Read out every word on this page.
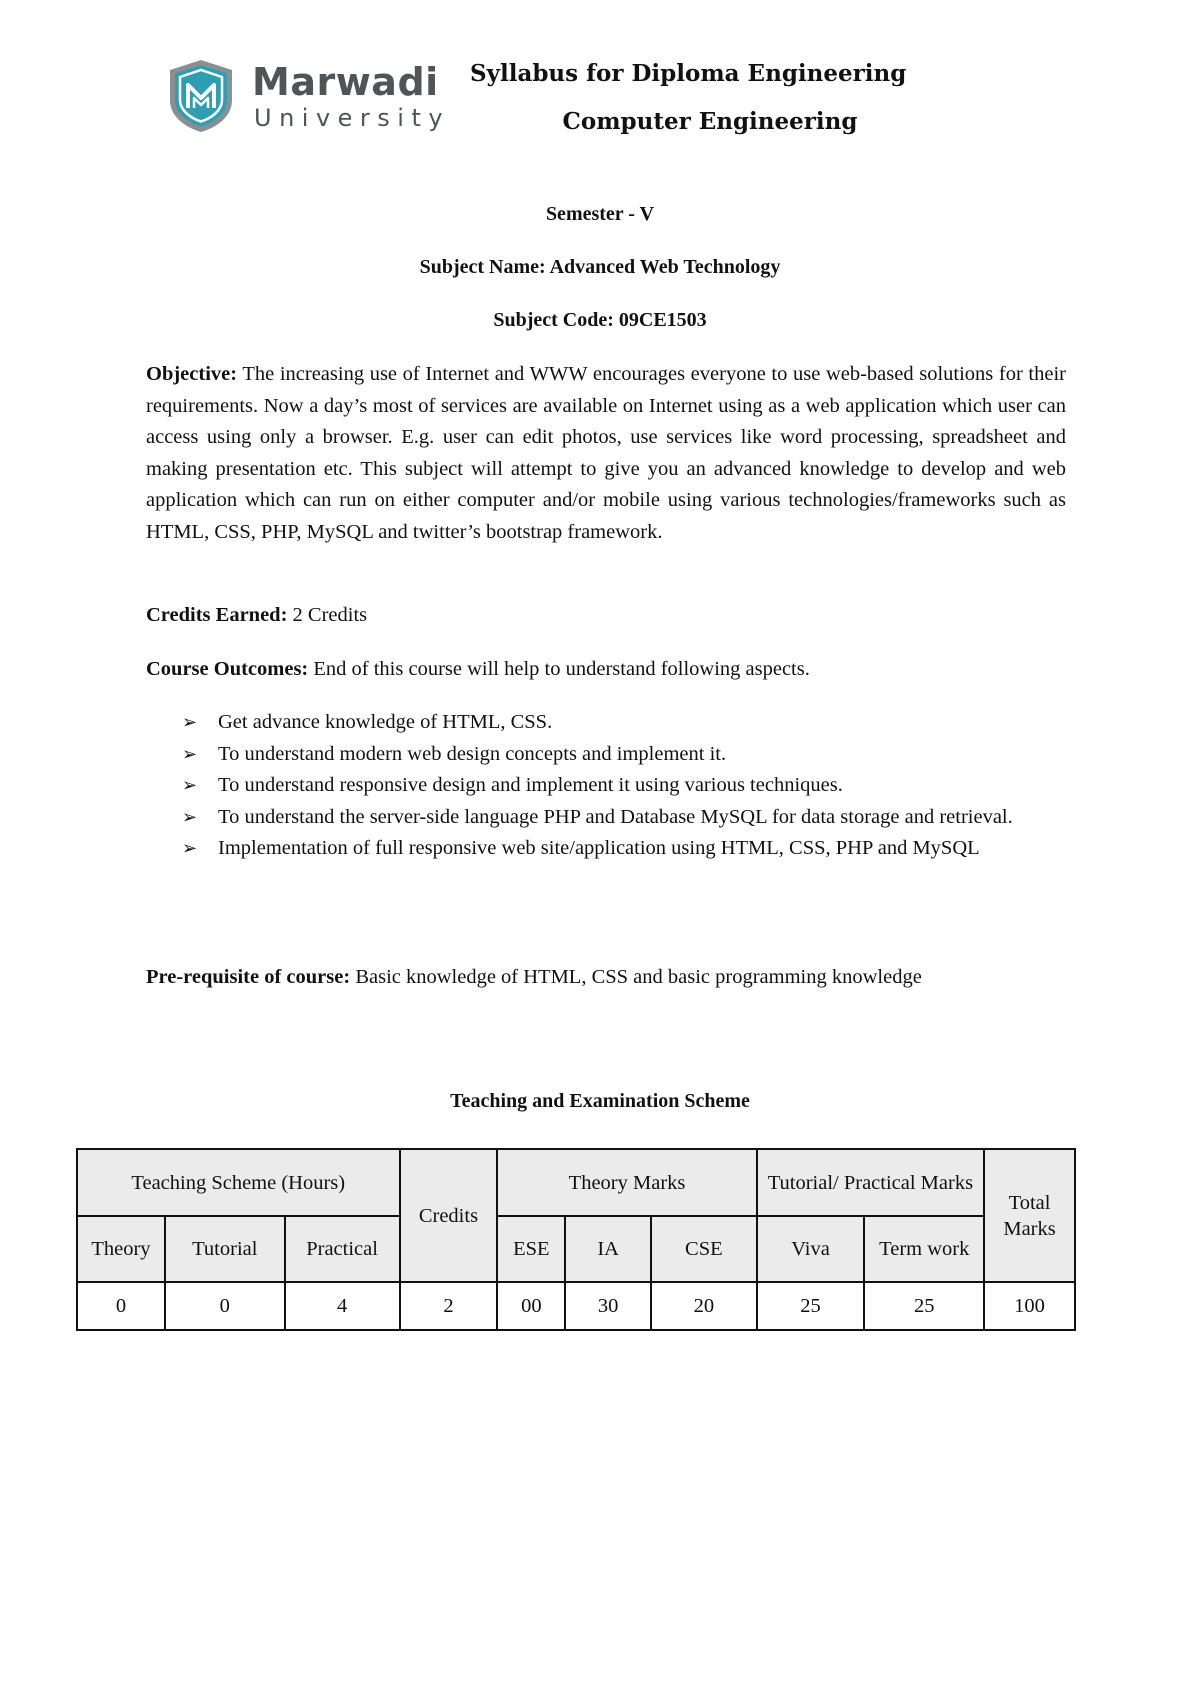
Marwadi
University
Syllabus for Diploma Engineering
Computer Engineering
Semester - V
Subject Name: Advanced Web Technology
Subject Code: 09CE1503
Objective: The increasing use of Internet and WWW encourages everyone to use web-based solutions for their requirements. Now a day’s most of services are available on Internet using as a web application which user can access using only a browser. E.g. user can edit photos, use services like word processing, spreadsheet and making presentation etc. This subject will attempt to give you an advanced knowledge to develop and web application which can run on either computer and/or mobile using various technologies/frameworks such as HTML, CSS, PHP, MySQL and twitter’s bootstrap framework.
Credits Earned: 2 Credits
Course Outcomes: End of this course will help to understand following aspects.
➢ Get advance knowledge of HTML, CSS.
➢ To understand modern web design concepts and implement it.
➢ To understand responsive design and implement it using various techniques.
➢ To understand the server-side language PHP and Database MySQL for data storage and retrieval.
➢ Implementation of full responsive web site/application using HTML, CSS, PHP and MySQL
Pre-requisite of course: Basic knowledge of HTML, CSS and basic programming knowledge
Teaching and Examination Scheme
Teaching Scheme (Hours)			Credits	Theory Marks			Tutorial/ Practical Marks		Total Marks
Theory	Tutorial	Practical		ESE	IA	CSE	Viva	Term work	
0	0	4	2	00	30	20	25	25	100
